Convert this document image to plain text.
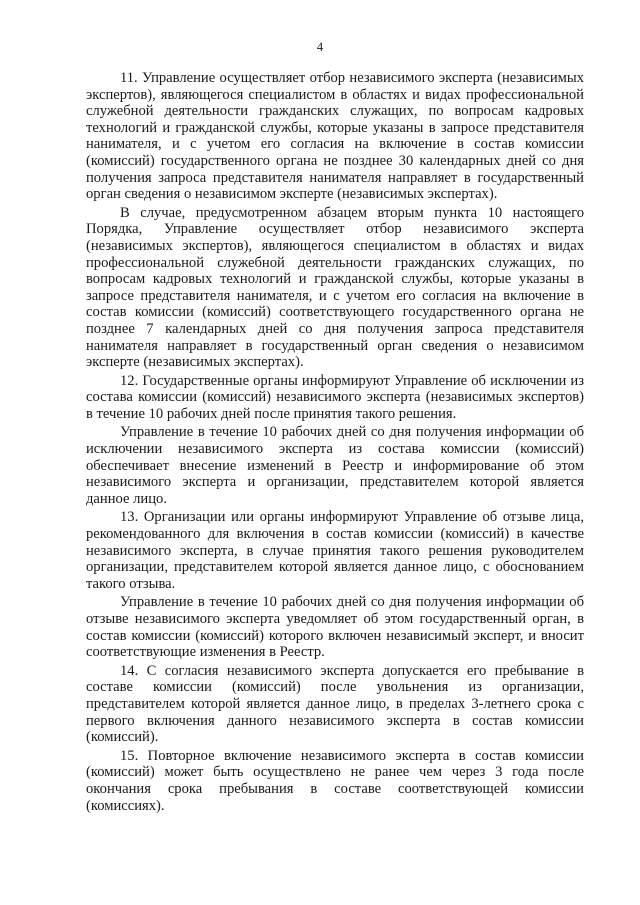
4

11. Управление осуществляет отбор независимого эксперта (независимых экспертов), являющегося специалистом в областях и видах профессиональной служебной деятельности гражданских служащих, по вопросам кадровых технологий и гражданской службы, которые указаны в запросе представителя нанимателя, и с учетом его согласия на включение в состав комиссии (комиссий) государственного органа не позднее 30 календарных дней со дня получения запроса представителя нанимателя направляет в государственный орган сведения о независимом эксперте (независимых экспертах).

В случае, предусмотренном абзацем вторым пункта 10 настоящего Порядка, Управление осуществляет отбор независимого эксперта (независимых экспертов), являющегося специалистом в областях и видах профессиональной служебной деятельности гражданских служащих, по вопросам кадровых технологий и гражданской службы, которые указаны в запросе представителя нанимателя, и с учетом его согласия на включение в состав комиссии (комиссий) соответствующего государственного органа не позднее 7 календарных дней со дня получения запроса представителя нанимателя направляет в государственный орган сведения о независимом эксперте (независимых экспертах).

12. Государственные органы информируют Управление об исключении из состава комиссии (комиссий) независимого эксперта (независимых экспертов) в течение 10 рабочих дней после принятия такого решения.

Управление в течение 10 рабочих дней со дня получения информации об исключении независимого эксперта из состава комиссии (комиссий) обеспечивает внесение изменений в Реестр и информирование об этом независимого эксперта и организации, представителем которой является данное лицо.

13. Организации или органы информируют Управление об отзыве лица, рекомендованного для включения в состав комиссии (комиссий) в качестве независимого эксперта, в случае принятия такого решения руководителем организации, представителем которой является данное лицо, с обоснованием такого отзыва.

Управление в течение 10 рабочих дней со дня получения информации об отзыве независимого эксперта уведомляет об этом государственный орган, в состав комиссии (комиссий) которого включен независимый эксперт, и вносит соответствующие изменения в Реестр.

14. С согласия независимого эксперта допускается его пребывание в составе комиссии (комиссий) после увольнения из организации, представителем которой является данное лицо, в пределах 3-летнего срока с первого включения данного независимого эксперта в состав комиссии (комиссий).

15. Повторное включение независимого эксперта в состав комиссии (комиссий) может быть осуществлено не ранее чем через 3 года после окончания срока пребывания в составе соответствующей комиссии (комиссиях).
